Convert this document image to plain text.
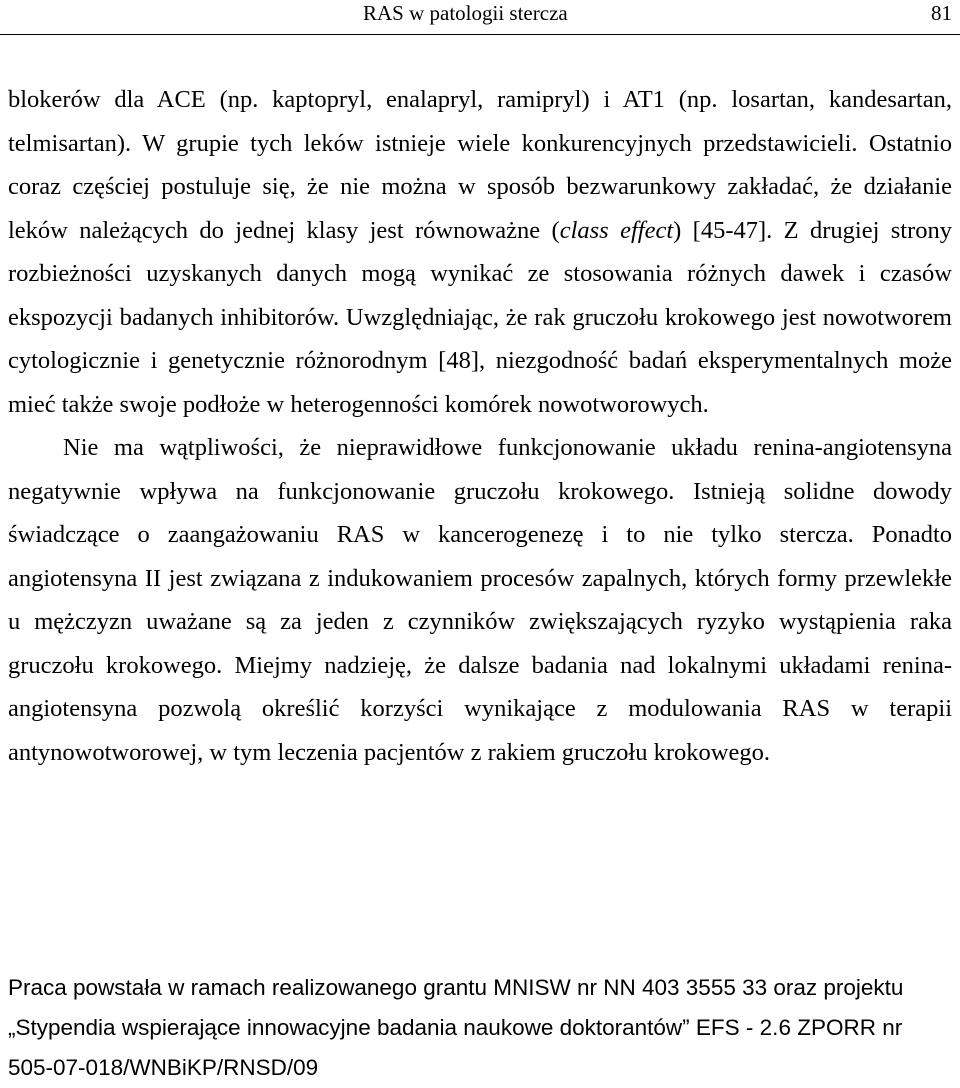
RAS w patologii stercza	81

blokerów dla ACE (np. kaptopryl, enalapryl, ramipryl) i AT1 (np. losartan, kandesartan, telmisartan). W grupie tych leków istnieje wiele konkurencyjnych przedstawicieli. Ostatnio coraz częściej postuluje się, że nie można w sposób bezwarunkowy zakładać, że działanie leków należących do jednej klasy jest równoważne (class effect) [45-47]. Z drugiej strony rozbieżności uzyskanych danych mogą wynikać ze stosowania różnych dawek i czasów ekspozycji badanych inhibitorów. Uwzględniając, że rak gruczołu krokowego jest nowotworem cytologicznie i genetycznie różnorodnym [48], niezgodność badań eksperymentalnych może mieć także swoje podłoże w heterogenności komórek nowotworowych.

Nie ma wątpliwości, że nieprawidłowe funkcjonowanie układu renina-angiotensyna negatywnie wpływa na funkcjonowanie gruczołu krokowego. Istnieją solidne dowody świadczące o zaangażowaniu RAS w kancerogenezę i to nie tylko stercza. Ponadto angiotensyna II jest związana z indukowaniem procesów zapalnych, których formy przewlekłe u mężczyzn uważane są za jeden z czynników zwiększających ryzyko wystąpienia raka gruczołu krokowego. Miejmy nadzieję, że dalsze badania nad lokalnymi układami renina-angiotensyna pozwolą określić korzyści wynikające z modulowania RAS w terapii antynowotworowej, w tym leczenia pacjentów z rakiem gruczołu krokowego.

Praca powstała w ramach realizowanego grantu MNISW nr NN 403 3555 33 oraz projektu „Stypendia wspierające innowacyjne badania naukowe doktorantów” EFS - 2.6 ZPORR nr 505-07-018/WNBiKP/RNSD/09
